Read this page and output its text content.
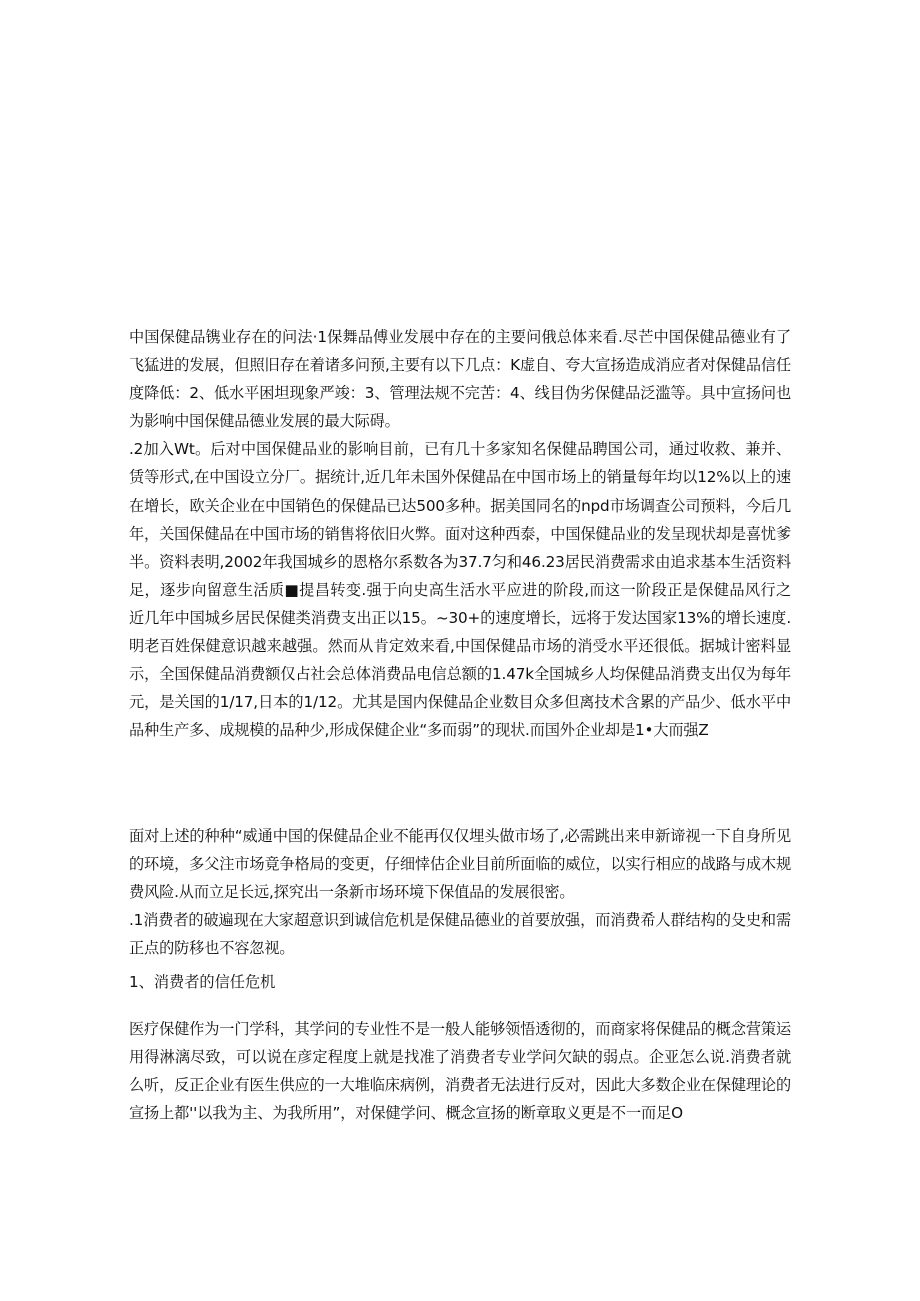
中国保健品镌业存在的问法·1保舞品傅业发展中存在的主要问俄总体来看.尽芒中国保健品德业有了
飞猛进的发展，但照旧存在着诸多问预,主要有以下几点：K虚自、夸大宣扬造成消应者对保健品信任
度降低：2、低水平困坦现象严竣：3、管理法规不完苦：4、线目伪劣保健品泛滥等。具中宣扬问也
为影响中国保健品德业发展的最大际碍。
.2加入Wt。后对中国保健品业的影响目前，已有几十多家知名保健品聘国公司，通过收救、兼并、
赁等形式,在中国设立分厂。据统计,近几年未国外保健品在中国市场上的销量每年均以12%以上的速
在增长，欧关企业在中国销色的保健品已达500多种。据美国同名的npd市场调查公司预料，今后几
年，关国保健品在中国市场的销售将依旧火弊。面对这种西泰，中国保健品业的发呈现状却是喜忧爹
半。资料表明,2002年我国城乡的恩格尔系数各为37.7匀和46.23居民消费需求由追求基本生活资料
足，逐步向留意生活质■提昌转变.强于向史高生活水平应进的阶段,而这一阶段正是保健品风行之
近几年中国城乡居民保健类消费支出正以15。~30+的速度增长，远将于发达国家13%的增长速度.
明老百姓保健意识越来越强。然而从肯定效来看,中国保健品市场的消受水平还很低。据城计密料显
示，全国保健品消费额仅占社会总体消费品电信总额的1.47k全国城乡人均保健品消费支出仅为每年
元，是关国的1/17,日本的1/12。尤其是国内保健品企业数目众多但离技术含累的产品少、低水平中
品种生产多、成规模的品种少,形成保健企业“多而弱”的现状.而国外企业却是1•大而强Z
面对上述的种种“威通中国的保健品企业不能再仅仅埋头做市场了,必需跳出来申新谛视一下自身所见
的环境，多父注市场竟争格局的变更，仔细悻估企业目前所面临的威位，以实行相应的战路与成木规
费风险.从而立足长远,探究出一条新市场环境下保值品的发展很密。
.1消费者的破遍现在大家超意识到诚信危机是保健品德业的首要放强，而消费希人群结构的殳史和需
正点的防移也不容忽视。
1、消费者的信任危机
医疗保健作为一门学科，其学问的专业性不是一般人能够领悟透彻的，而商家将保健品的概念营策运
用得淋漓尽致，可以说在彦定程度上就是找准了消费者专业学问欠缺的弱点。企亚怎么说.消费者就
么听，反正企业有医生供应的一大堆临床病例，消费者无法进行反对，因此大多数企业在保健理论的
宣扬上都''以我为主、为我所用”，对保健学问、概念宣扬的断章取义更是不一而足O
